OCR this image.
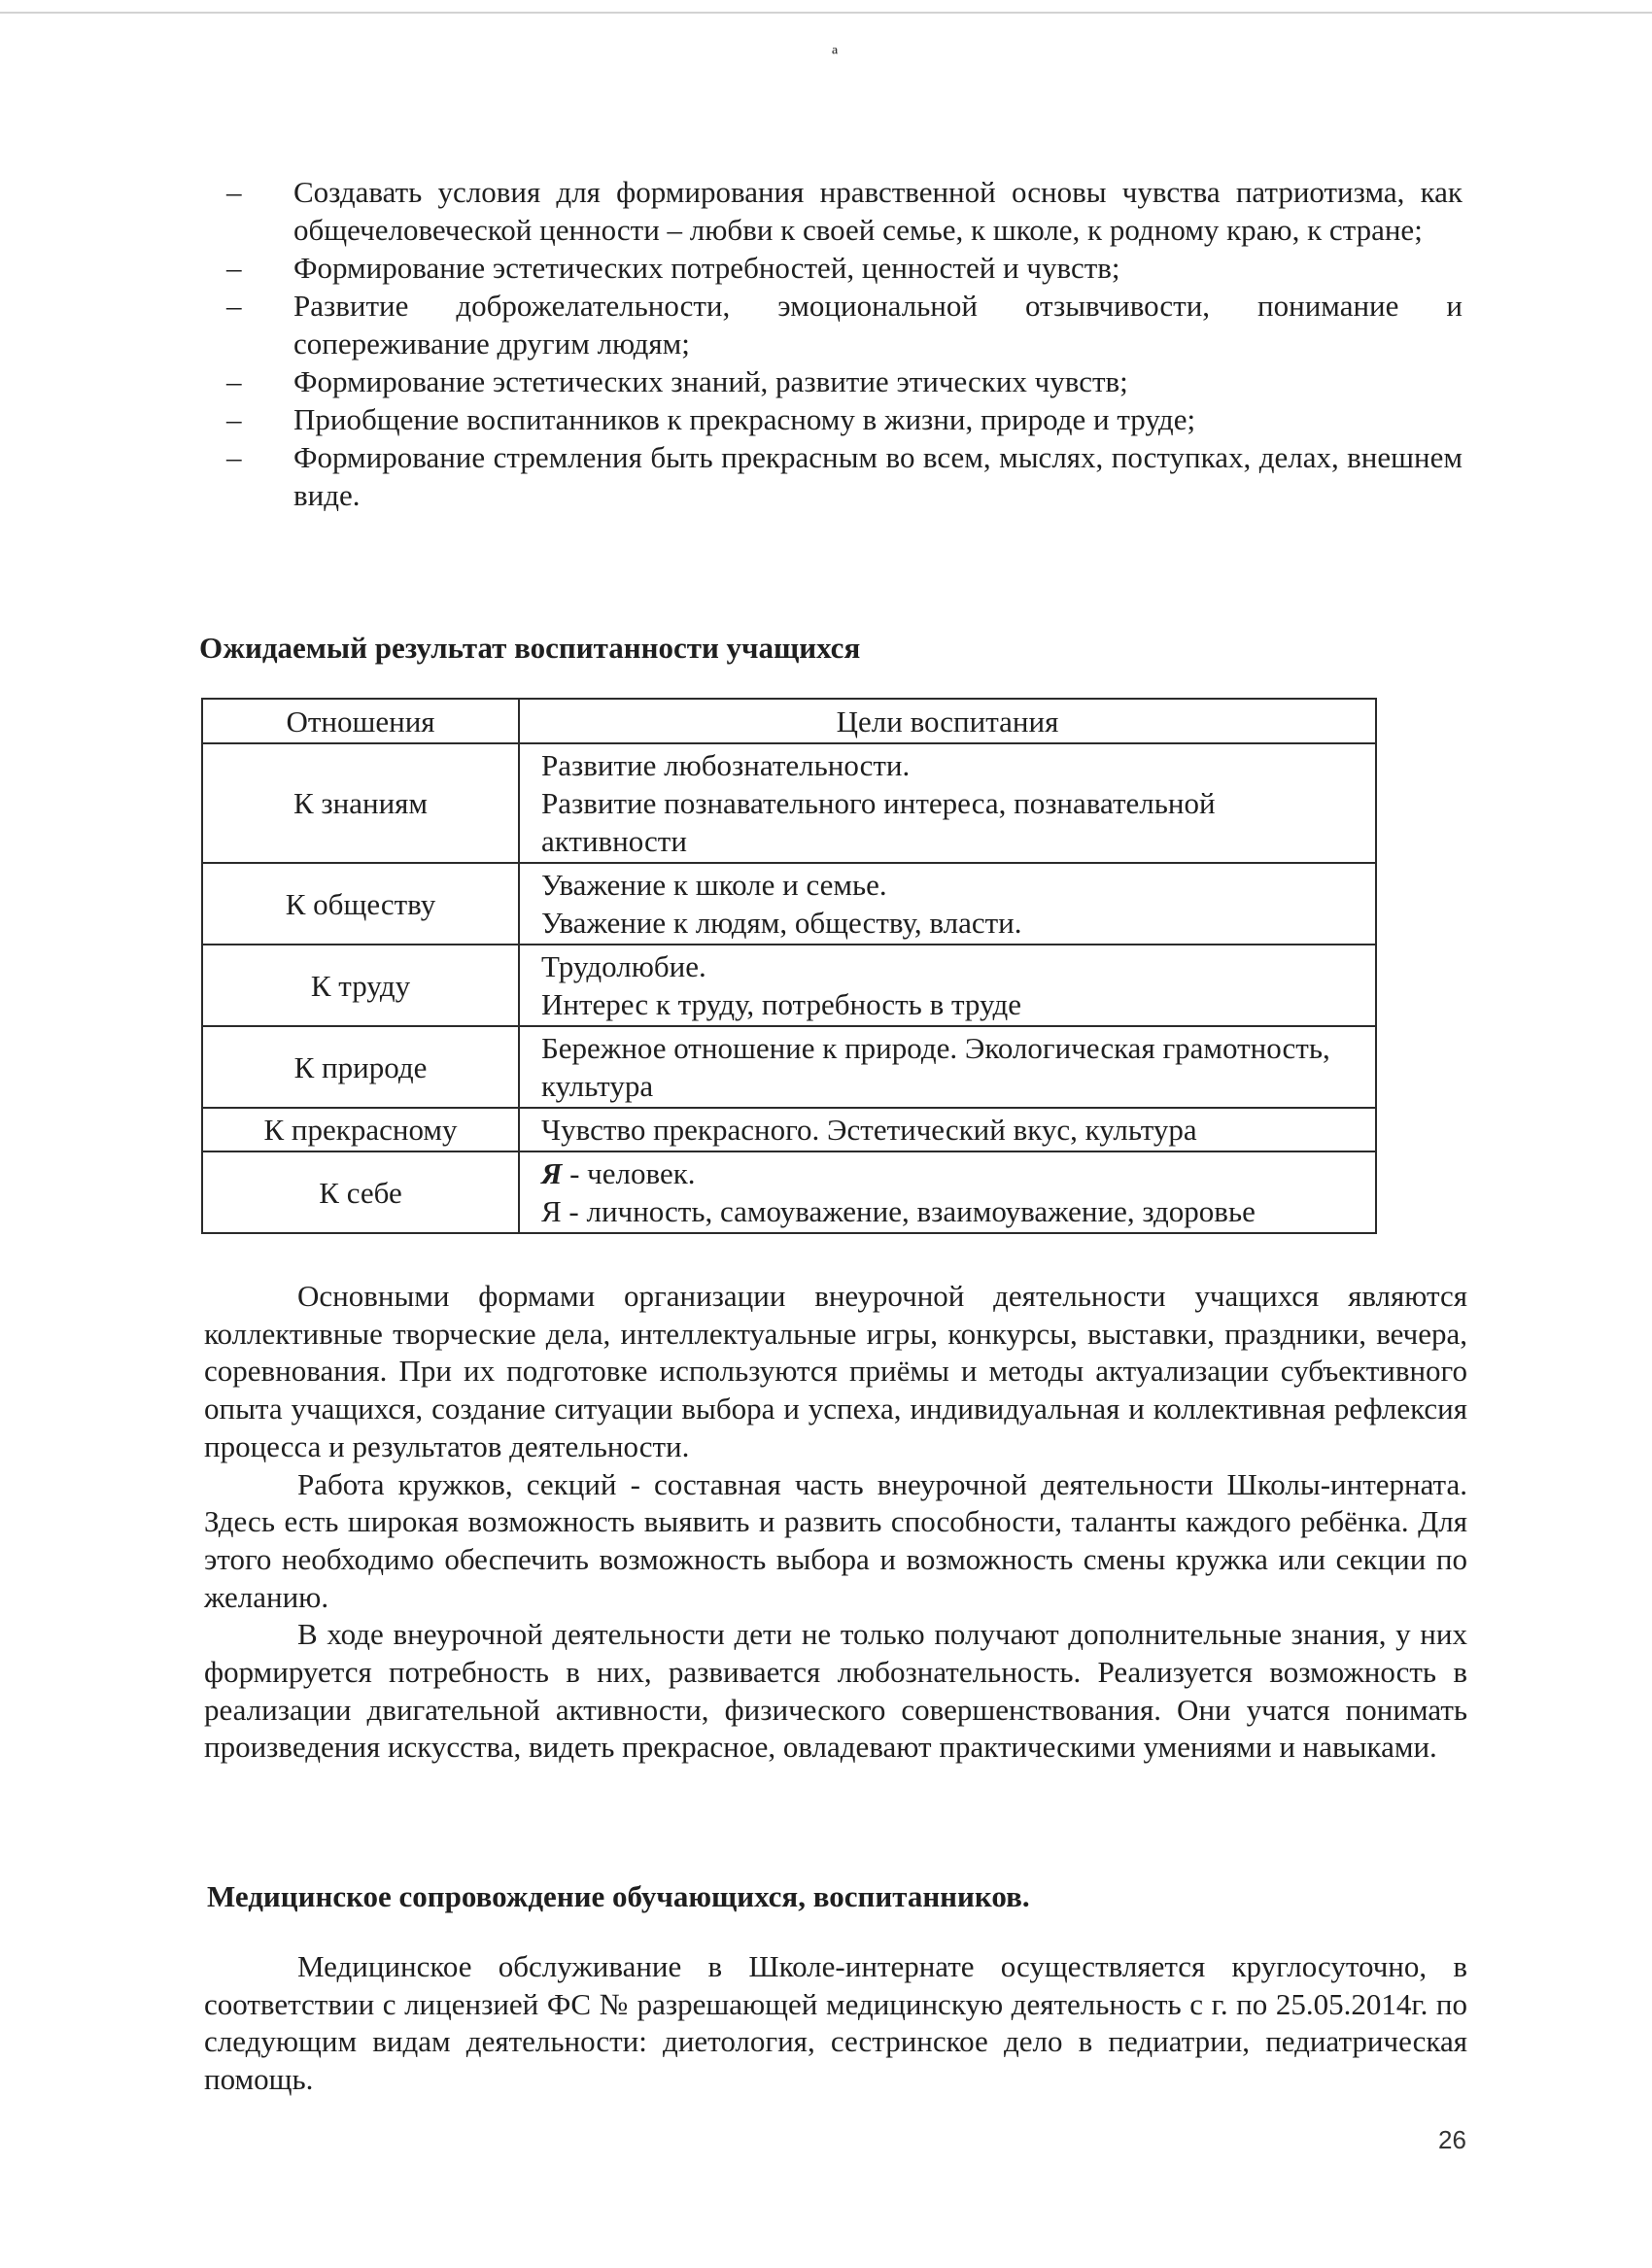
ª
– Создавать условия для формирования нравственной основы чувства патриотизма, как общечеловеческой ценности – любви к своей семье, к школе, к родному краю, к стране;
– Формирование эстетических потребностей, ценностей и чувств;
– Развитие доброжелательности, эмоциональной отзывчивости, понимание и сопереживание другим людям;
– Формирование эстетических знаний, развитие этических чувств;
– Приобщение воспитанников к прекрасному в жизни, природе и труде;
– Формирование стремления быть прекрасным во всем, мыслях, поступках, делах, внешнем виде.
Ожидаемый результат воспитанности учащихся
Отношения	Цели воспитания
К знаниям	Развитие любознательности.
Развитие познавательного интереса, познавательной активности

К обществу	Уважение к школе и семье.
Уважение к людям, обществу, власти.

К труду	Трудолюбие.
Интерес к труду, потребность в труде

К природе	Бережное отношение к природе. Экологическая грамотность, культура

К прекрасному	Чувство прекрасного. Эстетический вкус, культура

К себе	Я - человек.
Я - личность, самоуважение, взаимоуважение, здоровье

Основными формами организации внеурочной деятельности учащихся являются коллективные творческие дела, интеллектуальные игры, конкурсы, выставки, праздники, вечера, соревнования. При их подготовке используются приёмы и методы актуализации субъективного опыта учащихся, создание ситуации выбора и успеха, индивидуальная и коллективная рефлексия процесса и результатов деятельности.

Работа кружков, секций - составная часть внеурочной деятельности Школы-интерната. Здесь есть широкая возможность выявить и развить способности, таланты каждого ребёнка. Для этого необходимо обеспечить возможность выбора и возможность смены кружка или секции по желанию.

В ходе внеурочной деятельности дети не только получают дополнительные знания, у них формируется потребность в них, развивается любознательность. Реализуется возможность в реализации двигательной активности, физического совершенствования. Они учатся понимать произведения искусства, видеть прекрасное, овладевают практическими умениями и навыками.

Медицинское сопровождение обучающихся, воспитанников.

Медицинское обслуживание в Школе-интернате осуществляется круглосуточно, в соответствии с лицензией ФС № разрешающей медицинскую деятельность с г. по 25.05.2014г. по следующим видам деятельности: диетология, сестринское дело в педиатрии, педиатрическая помощь.

26
